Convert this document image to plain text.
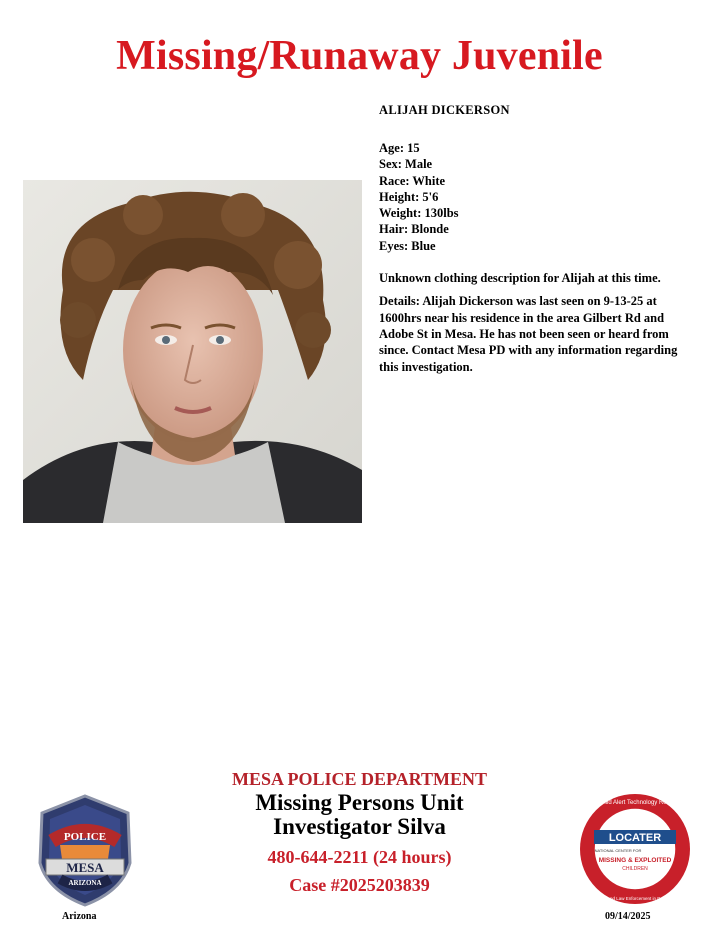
Missing/Runaway Juvenile
ALIJAH DICKERSON
Age: 15
Sex: Male
Race: White
Height: 5'6
Weight: 130lbs
Hair: Blonde
Eyes: Blue
Unknown clothing description for Alijah at this time.
Details: Alijah Dickerson was last seen on 9-13-25 at 1600hrs near his residence in the area Gilbert Rd and Adobe St in Mesa. He has not been seen or heard from since. Contact Mesa PD with any information regarding this investigation.
MESA POLICE DEPARTMENT
Missing Persons Unit
Investigator Silva
480-644-2211 (24 hours)
Case #2025203839
POLICE
MESA
ARIZONA
Arizona
Law Child Alert Technology Resource
LOCATER
NATIONAL CENTER FOR
MISSING & EXPLOITED
CHILDREN
NCMEC and Law Enforcement in Partnership
09/14/2025
